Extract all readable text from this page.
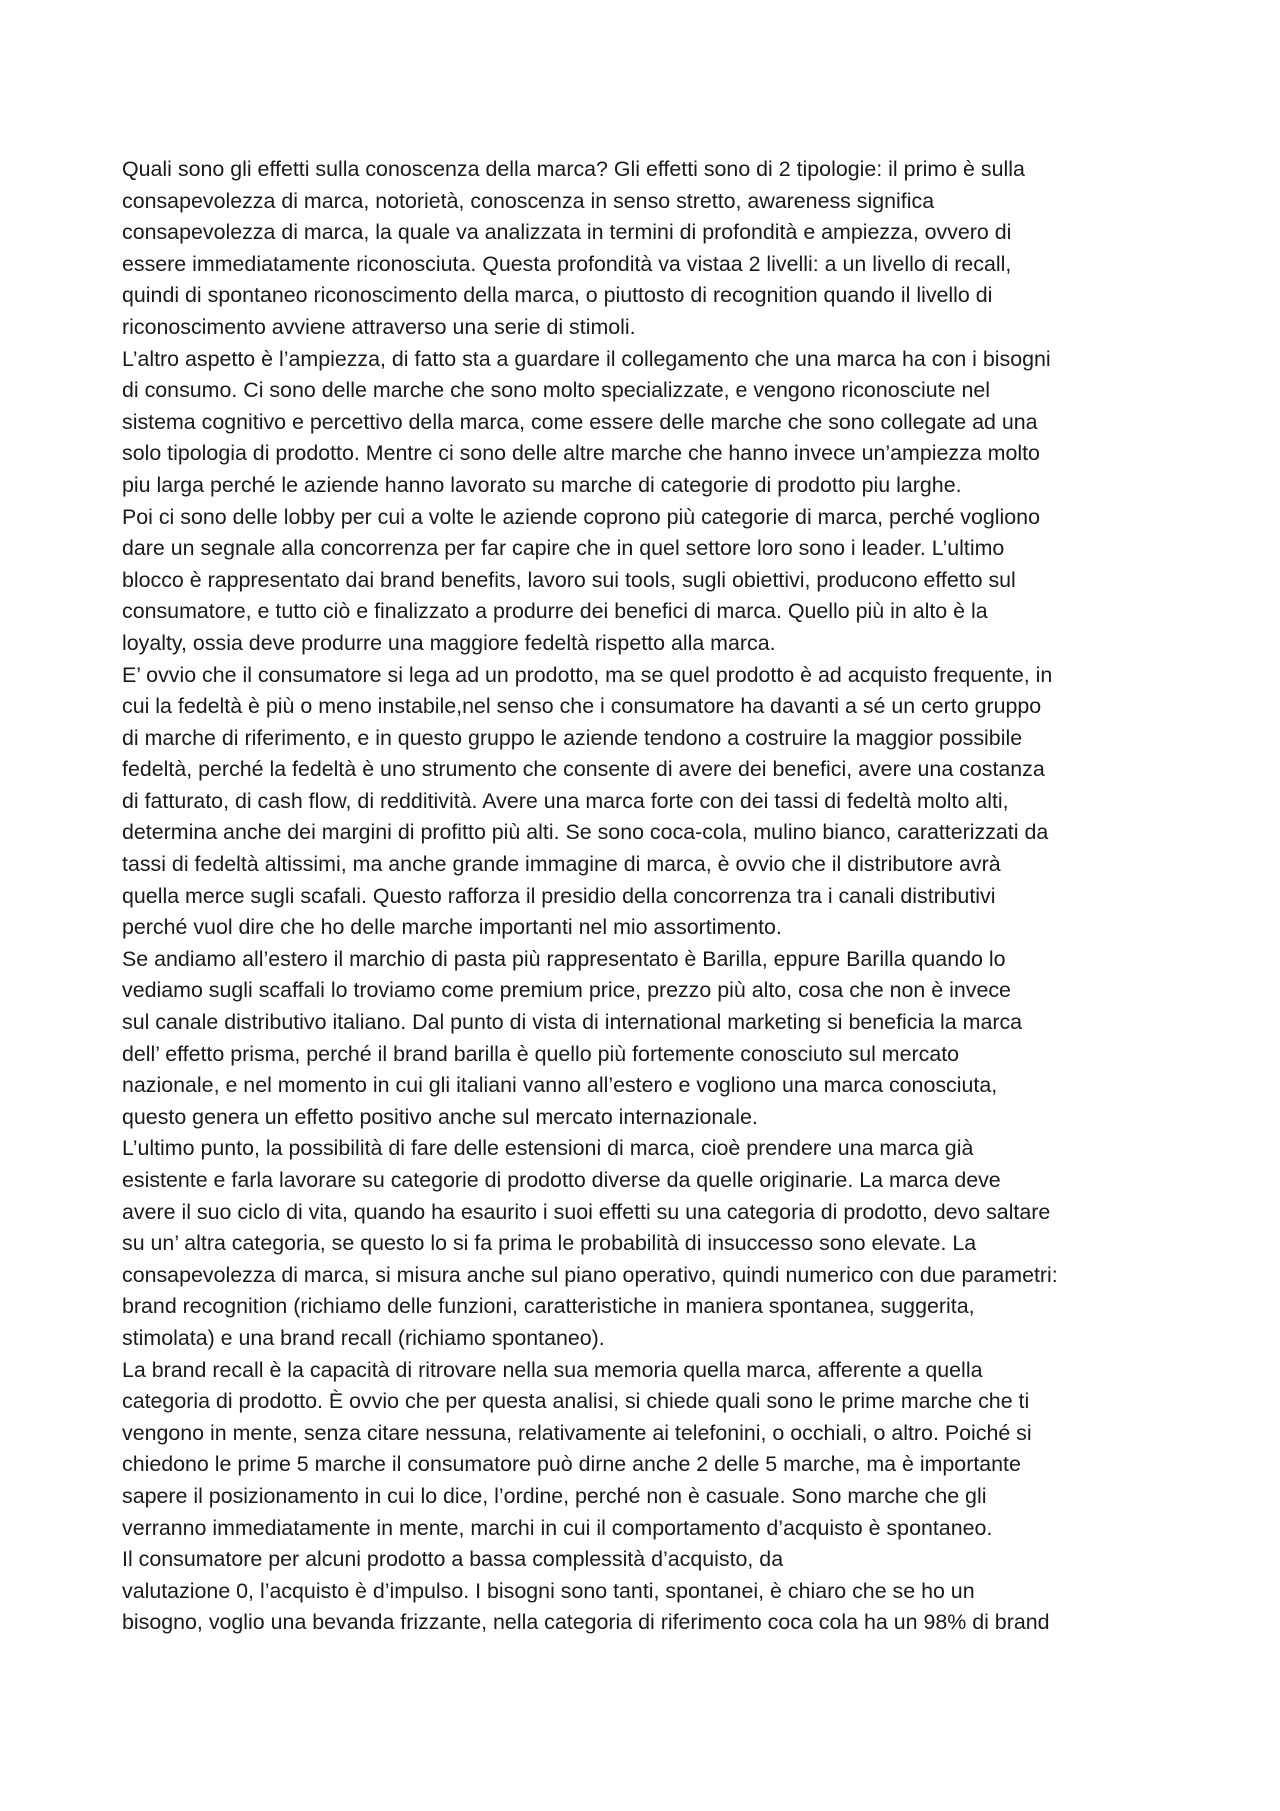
Quali sono gli effetti sulla conoscenza della marca? Gli effetti sono di 2 tipologie: il primo è sulla
consapevolezza di marca, notorietà, conoscenza in senso stretto, awareness significa
consapevolezza di marca, la quale va analizzata in termini di profondità e ampiezza, ovvero di
essere immediatamente riconosciuta. Questa profondità va vistaa 2 livelli: a un livello di recall,
quindi di spontaneo riconoscimento della marca, o piuttosto di recognition quando il livello di
riconoscimento avviene attraverso una serie di stimoli.
L’altro aspetto è l’ampiezza, di fatto sta a guardare il collegamento che una marca ha con i bisogni
di consumo. Ci sono delle marche che sono molto specializzate, e vengono riconosciute nel
sistema cognitivo e percettivo della marca, come essere delle marche che sono collegate ad una
solo tipologia di prodotto. Mentre ci sono delle altre marche che hanno invece un’ampiezza molto
piu larga perché le aziende hanno lavorato su marche di categorie di prodotto piu larghe.
Poi ci sono delle lobby per cui a volte le aziende coprono più categorie di marca, perché vogliono
dare un segnale alla concorrenza per far capire che in quel settore loro sono i leader. L’ultimo
blocco è rappresentato dai brand benefits, lavoro sui tools, sugli obiettivi, producono effetto sul
consumatore, e tutto ciò e finalizzato a produrre dei benefici di marca. Quello più in alto è la
loyalty, ossia deve produrre una maggiore fedeltà rispetto alla marca.
E’ ovvio che il consumatore si lega ad un prodotto, ma se quel prodotto è ad acquisto frequente, in
cui la fedeltà è più o meno instabile,nel senso che i consumatore ha davanti a sé un certo gruppo
di marche di riferimento, e in questo gruppo le aziende tendono a costruire la maggior possibile
fedeltà, perché la fedeltà è uno strumento che consente di avere dei benefici, avere una costanza
di fatturato, di cash flow, di redditività. Avere una marca forte con dei tassi di fedeltà molto alti,
determina anche dei margini di profitto più alti. Se sono coca-cola, mulino bianco, caratterizzati da
tassi di fedeltà altissimi, ma anche grande immagine di marca, è ovvio che il distributore avrà
quella merce sugli scafali. Questo rafforza il presidio della concorrenza tra i canali distributivi
perché vuol dire che ho delle marche importanti nel mio assortimento.
Se andiamo all’estero il marchio di pasta più rappresentato è Barilla, eppure Barilla quando lo
vediamo sugli scaffali lo troviamo come premium price, prezzo più alto, cosa che non è invece
sul canale distributivo italiano. Dal punto di vista di international marketing si beneficia la marca
dell’ effetto prisma, perché il brand barilla è quello più fortemente conosciuto sul mercato
nazionale, e nel momento in cui gli italiani vanno all’estero e vogliono una marca conosciuta,
questo genera un effetto positivo anche sul mercato internazionale.
L’ultimo punto, la possibilità di fare delle estensioni di marca, cioè prendere una marca già
esistente e farla lavorare su categorie di prodotto diverse da quelle originarie. La marca deve
avere il suo ciclo di vita, quando ha esaurito i suoi effetti su una categoria di prodotto, devo saltare
su un’ altra categoria, se questo lo si fa prima le probabilità di insuccesso sono elevate. La
consapevolezza di marca, si misura anche sul piano operativo, quindi numerico con due parametri:
brand recognition (richiamo delle funzioni, caratteristiche in maniera spontanea, suggerita,
stimolata) e una brand recall (richiamo spontaneo).
La brand recall è la capacità di ritrovare nella sua memoria quella marca, afferente a quella
categoria di prodotto. È ovvio che per questa analisi, si chiede quali sono le prime marche che ti
vengono in mente, senza citare nessuna, relativamente ai telefonini, o occhiali, o altro. Poiché si
chiedono le prime 5 marche il consumatore può dirne anche 2 delle 5 marche, ma è importante
sapere il posizionamento in cui lo dice, l’ordine, perché non è casuale. Sono marche che gli
verranno immediatamente in mente, marchi in cui il comportamento d’acquisto è spontaneo.
Il consumatore per alcuni prodotto a bassa complessità d’acquisto, da
valutazione 0, l’acquisto è d’impulso. I bisogni sono tanti, spontanei, è chiaro che se ho un
bisogno, voglio una bevanda frizzante, nella categoria di riferimento coca cola ha un 98% di brand
